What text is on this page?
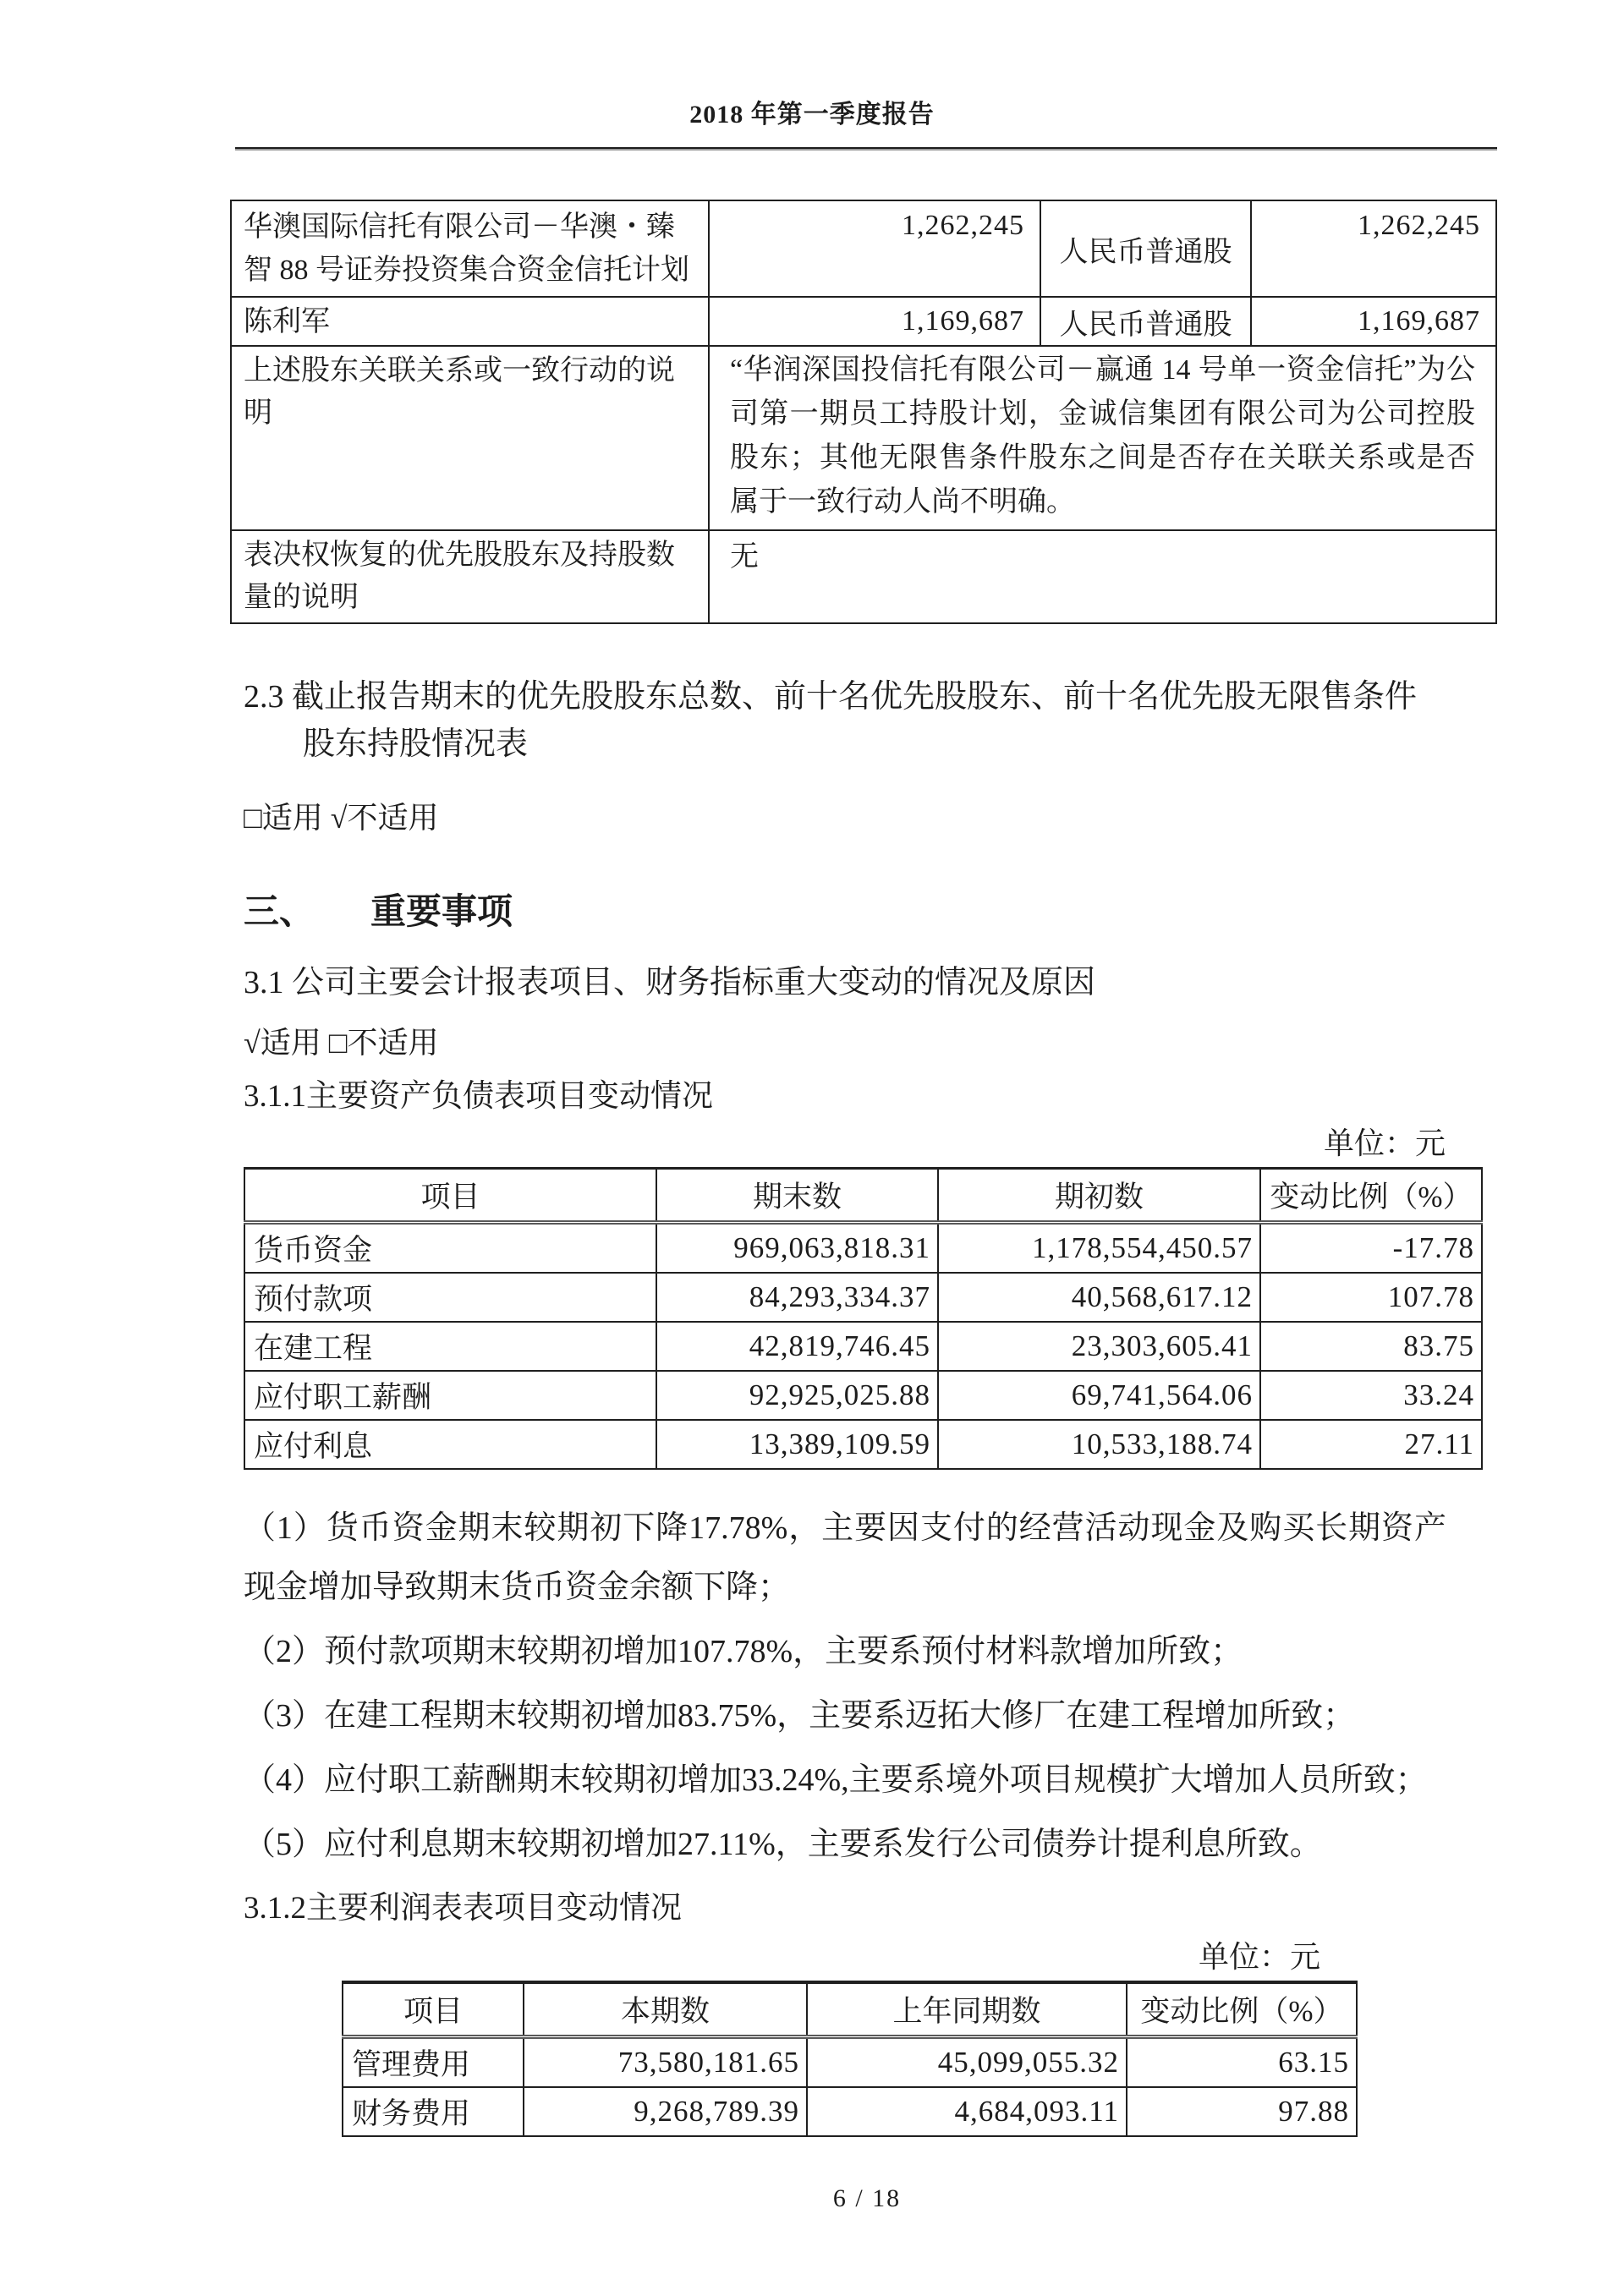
2018 年第一季度报告
华澳国际信托有限公司－华澳・臻智 88 号证券投资集合资金信托计划	1,262,245	人民币普通股	1,262,245
陈利军	1,169,687	人民币普通股	1,169,687
上述股东关联关系或一致行动的说明	“华润深国投信托有限公司－赢通 14 号单一资金信托”为公司第一期员工持股计划，金诚信集团有限公司为公司控股股东；其他无限售条件股东之间是否存在关联关系或是否属于一致行动人尚不明确。		
表决权恢复的优先股股东及持股数量的说明	无		
2.3 截止报告期末的优先股股东总数、前十名优先股股东、前十名优先股无限售条件
股东持股情况表
□适用 √不适用
三、 重要事项
3.1 公司主要会计报表项目、财务指标重大变动的情况及原因
√适用 □不适用
3.1.1主要资产负债表项目变动情况
单位：元
项目	期末数	期初数	变动比例（%）
货币资金	969,063,818.31	1,178,554,450.57	-17.78
预付款项	84,293,334.37	40,568,617.12	107.78
在建工程	42,819,746.45	23,303,605.41	83.75
应付职工薪酬	92,925,025.88	69,741,564.06	33.24
应付利息	13,389,109.59	10,533,188.74	27.11

（1）货币资金期末较期初下降17.78%，主要因支付的经营活动现金及购买长期资产现金增加导致期末货币资金余额下降；

（2）预付款项期末较期初增加107.78%，主要系预付材料款增加所致；

（3）在建工程期末较期初增加83.75%，主要系迈拓大修厂在建工程增加所致；

（4）应付职工薪酬期末较期初增加33.24%,主要系境外项目规模扩大增加人员所致；

（5）应付利息期末较期初增加27.11%，主要系发行公司债券计提利息所致。

3.1.2主要利润表表项目变动情况
单位：元
项目	本期数	上年同期数	变动比例（%）
管理费用	73,580,181.65	45,099,055.32	63.15
财务费用	9,268,789.39	4,684,093.11	97.88
6 / 18
